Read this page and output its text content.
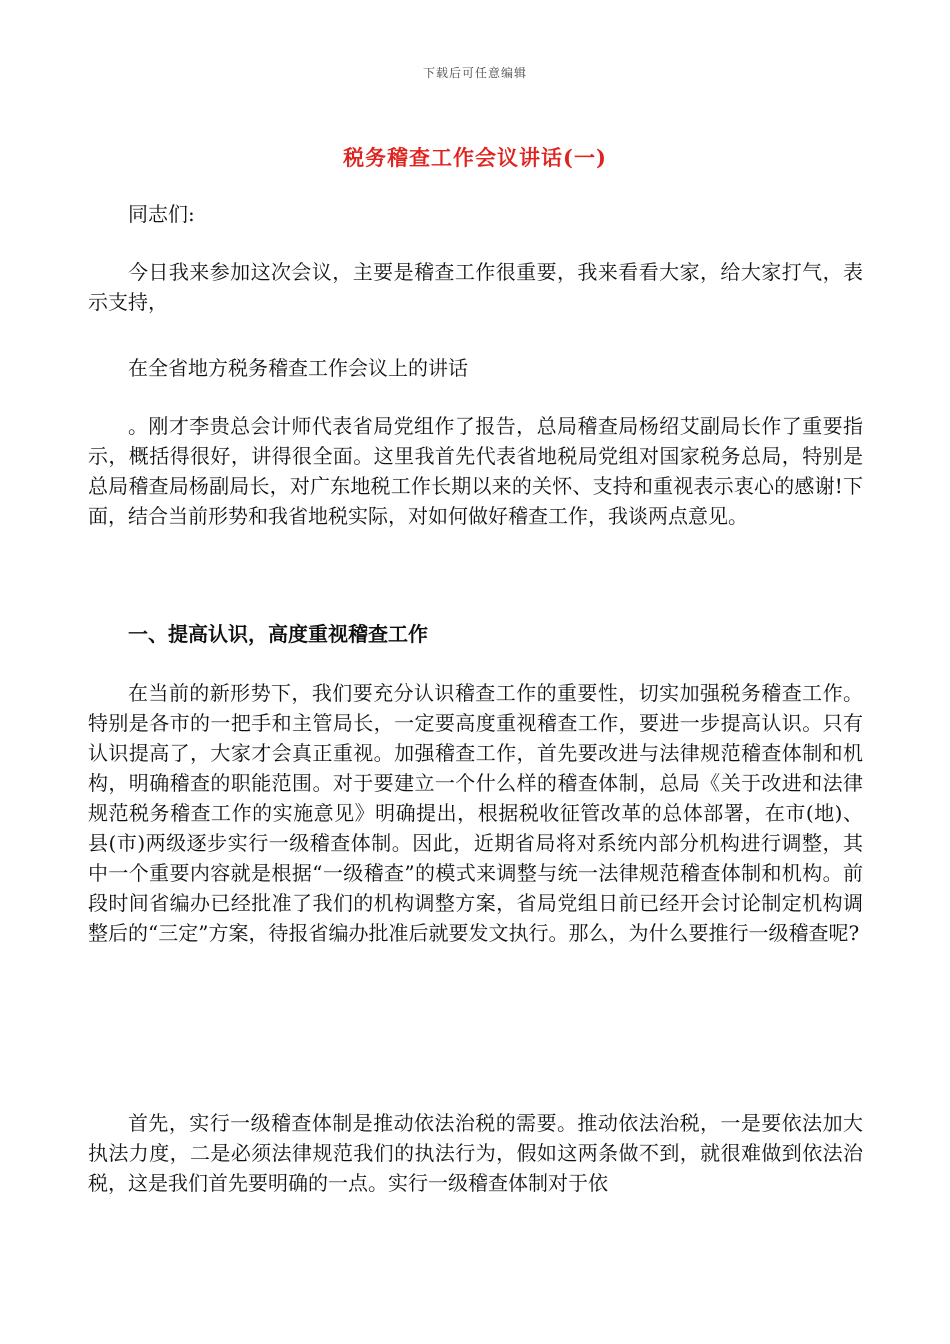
下载后可任意编辑
税务稽查工作会议讲话(一)

同志们:

今日我来参加这次会议，主要是稽查工作很重要，我来看看大家，给大家打气，表示支持，

在全省地方税务稽查工作会议上的讲话

。刚才李贵总会计师代表省局党组作了报告，总局稽查局杨绍艾副局长作了重要指示，概括得很好，讲得很全面。这里我首先代表省地税局党组对国家税务总局，特别是总局稽查局杨副局长，对广东地税工作长期以来的关怀、支持和重视表示衷心的感谢!下面，结合当前形势和我省地税实际，对如何做好稽查工作，我谈两点意见。

一、提高认识，高度重视稽查工作

在当前的新形势下，我们要充分认识稽查工作的重要性，切实加强税务稽查工作。特别是各市的一把手和主管局长，一定要高度重视稽查工作，要进一步提高认识。只有认识提高了，大家才会真正重视。加强稽查工作，首先要改进与法律规范稽查体制和机构，明确稽查的职能范围。对于要建立一个什么样的稽查体制，总局《关于改进和法律规范税务稽查工作的实施意见》明确提出，根据税收征管改革的总体部署，在市(地)、县(市)两级逐步实行一级稽查体制。因此，近期省局将对系统内部分机构进行调整，其中一个重要内容就是根据“一级稽查”的模式来调整与统一法律规范稽查体制和机构。前段时间省编办已经批准了我们的机构调整方案，省局党组日前已经开会讨论制定机构调整后的“三定”方案，待报省编办批准后就要发文执行。那么，为什么要推行一级稽查呢?

首先，实行一级稽查体制是推动依法治税的需要。推动依法治税，一是要依法加大执法力度，二是必须法律规范我们的执法行为，假如这两条做不到，就很难做到依法治税，这是我们首先要明确的一点。实行一级稽查体制对于依
